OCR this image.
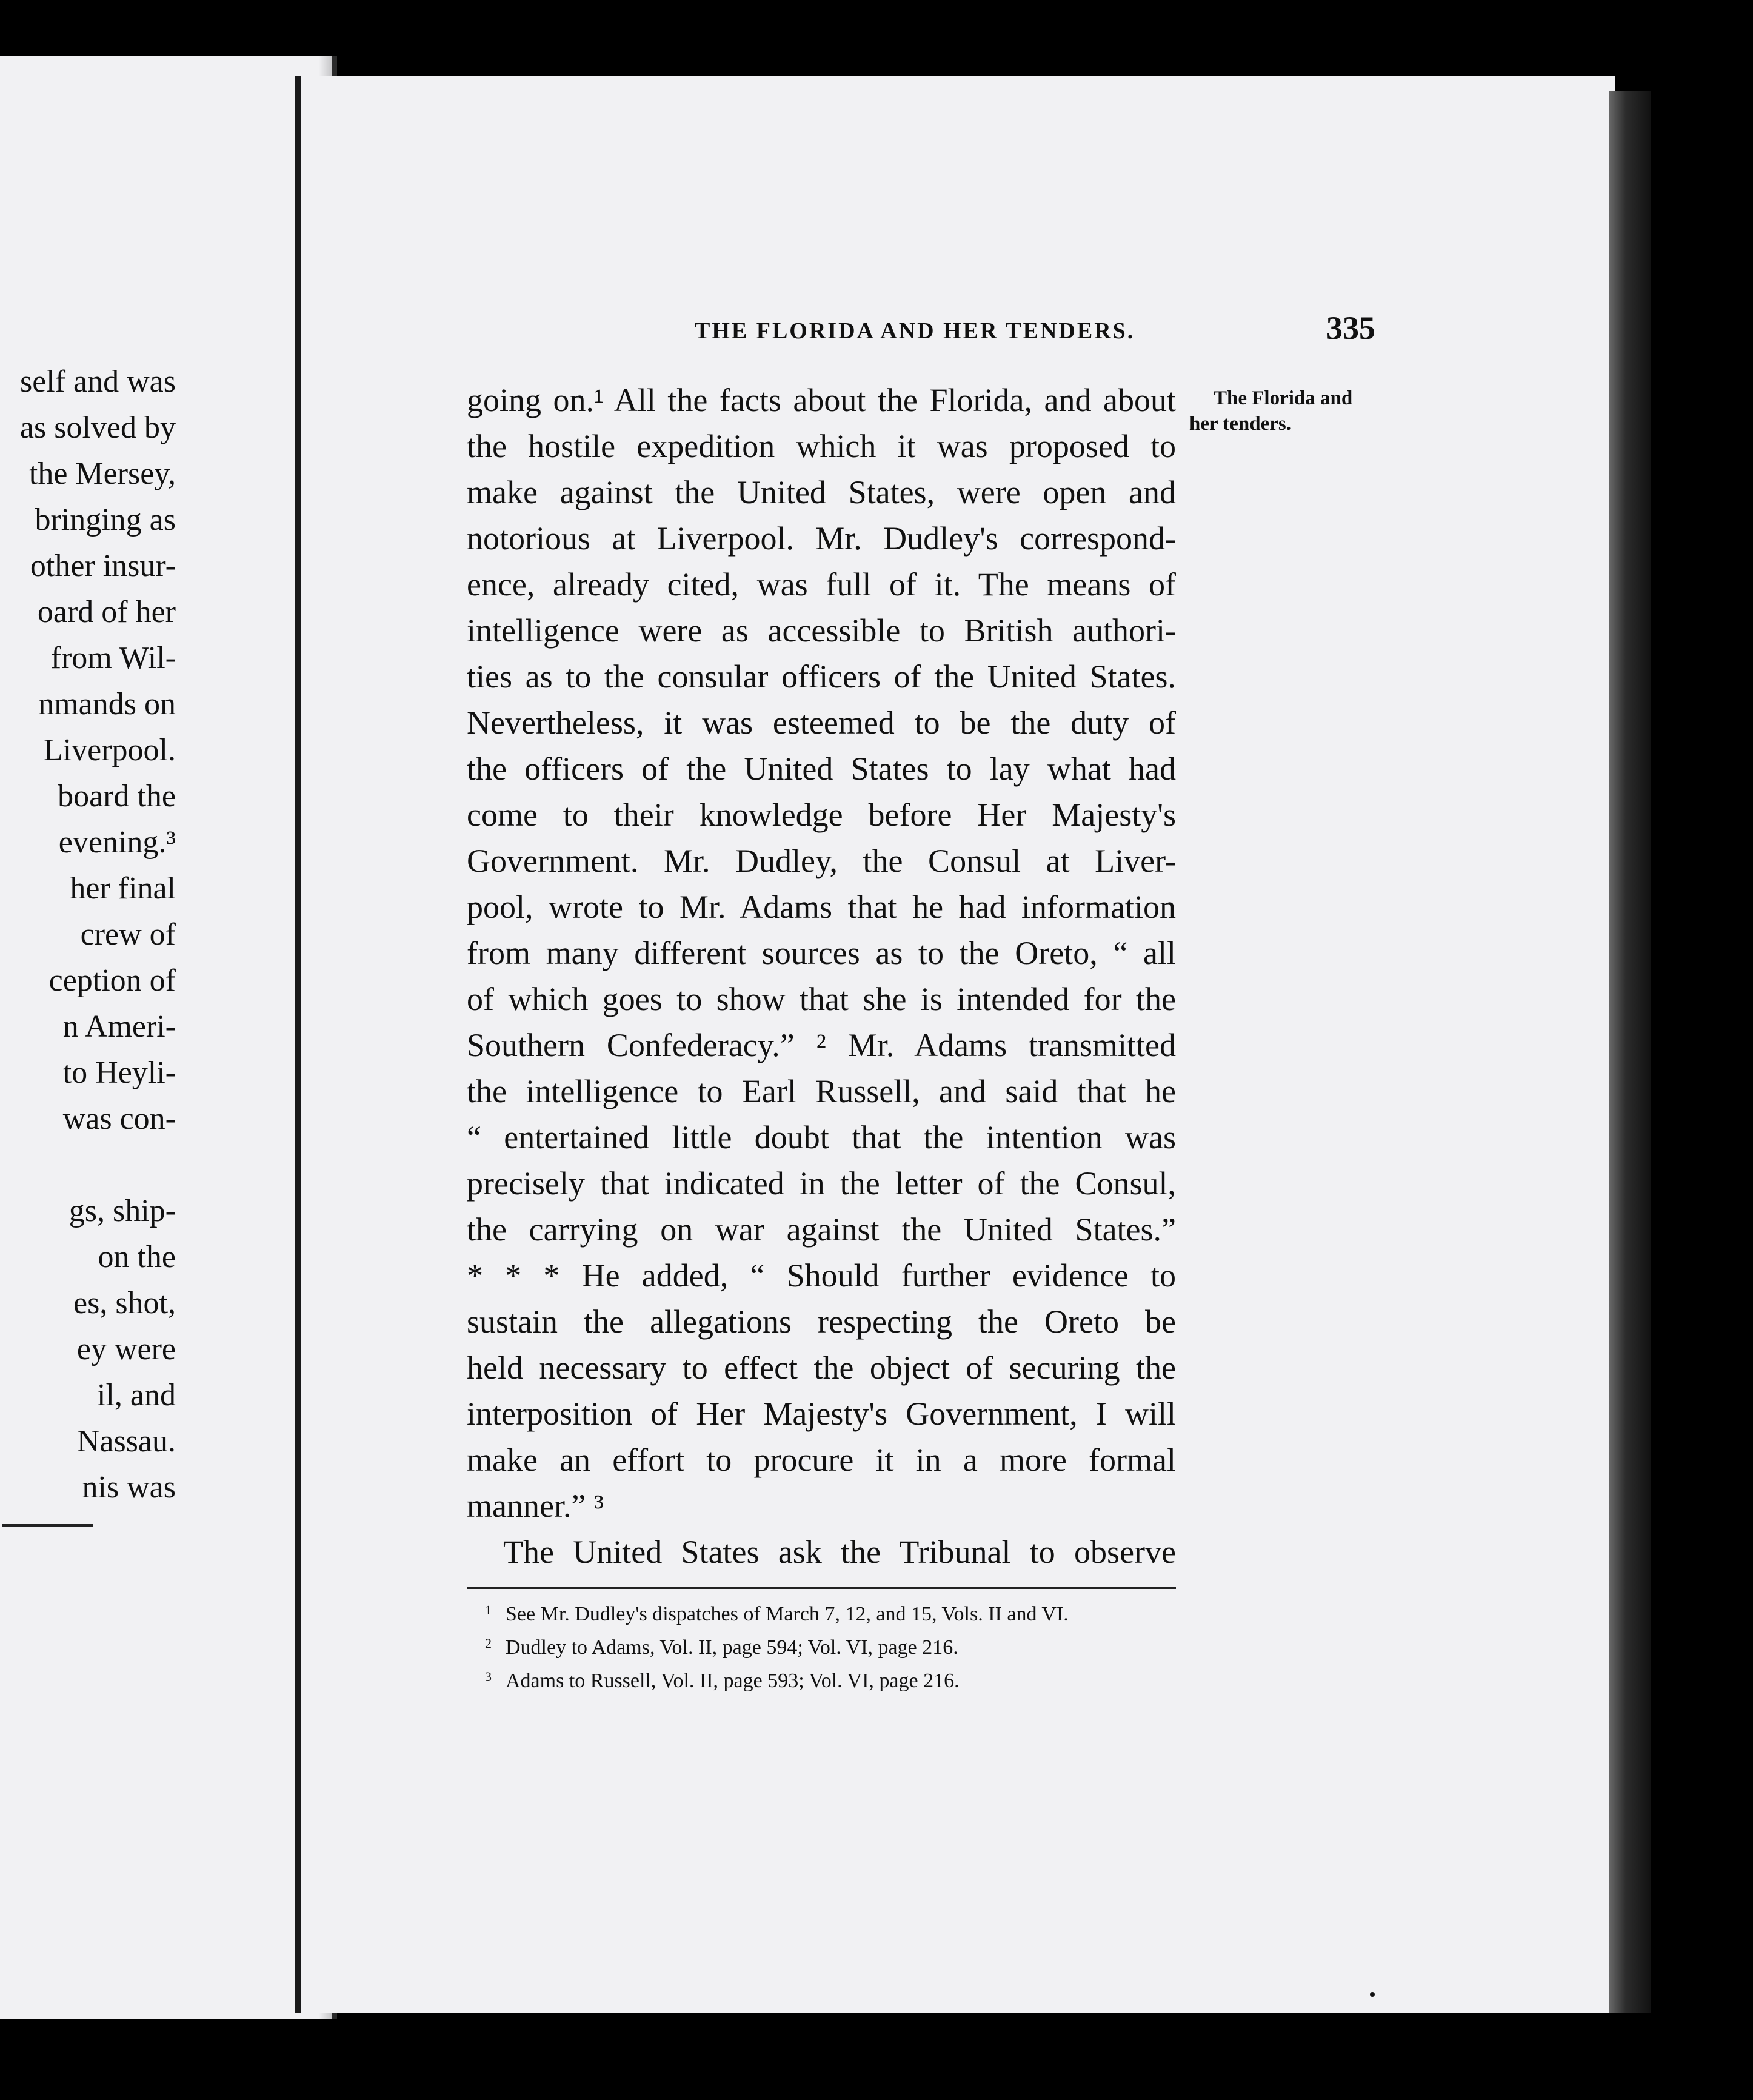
self and was
as solved by
the Mersey,
bringing as
other insur-
oard of her
from Wil-
nmands on
Liverpool.
board the
evening.³
her final
crew of
ception of
n Ameri-
to Heyli-
was con-
gs, ship-
on the
es, shot,
ey were
il, and
Nassau.
nis was
THE FLORIDA AND HER TENDERS.	335
The Florida and
her tenders.
going on.¹ All the facts about the Florida, and about
the hostile expedition which it was proposed to
make against the United States, were open and
notorious at Liverpool. Mr. Dudley's correspond-
ence, already cited, was full of it. The means of
intelligence were as accessible to British authori-
ties as to the consular officers of the United States.
Nevertheless, it was esteemed to be the duty of
the officers of the United States to lay what had
come to their knowledge before Her Majesty's
Government. Mr. Dudley, the Consul at Liver-
pool, wrote to Mr. Adams that he had information
from many different sources as to the Oreto, “ all
of which goes to show that she is intended for the
Southern Confederacy.” ² Mr. Adams transmitted
the intelligence to Earl Russell, and said that he
“ entertained little doubt that the intention was
precisely that indicated in the letter of the Consul,
the carrying on war against the United States.”
* * * He added, “ Should further evidence to
sustain the allegations respecting the Oreto be
held necessary to effect the object of securing the
interposition of Her Majesty's Government, I will
make an effort to procure it in a more formal
manner.” ³
The United States ask the Tribunal to observe
1 See Mr. Dudley's dispatches of March 7, 12, and 15, Vols. II and VI.
2 Dudley to Adams, Vol. II, page 594; Vol. VI, page 216.
3 Adams to Russell, Vol. II, page 593; Vol. VI, page 216.
